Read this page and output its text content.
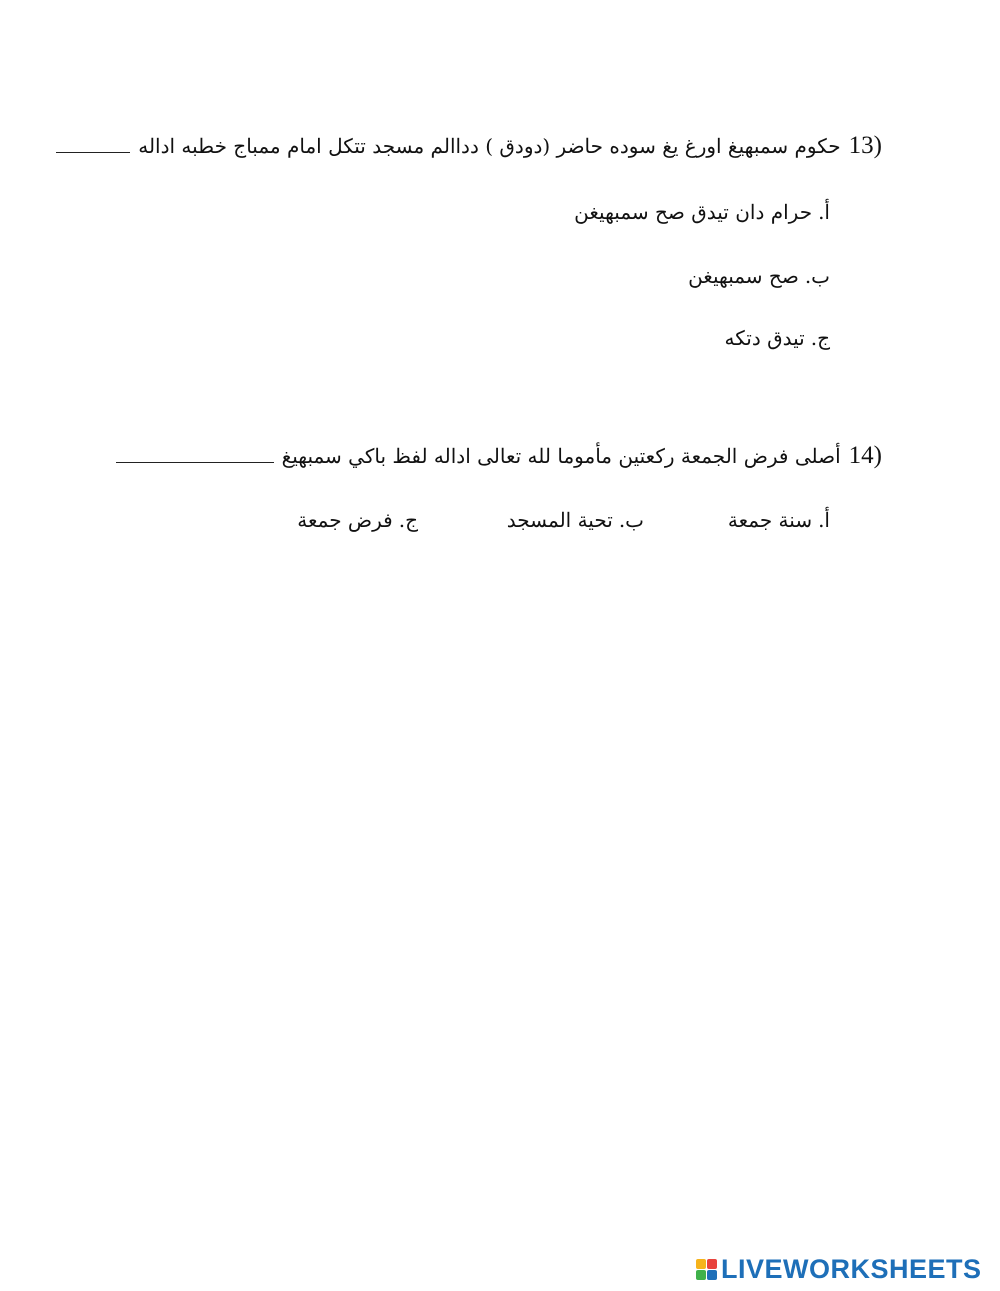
حكوم سمبهيغ اورغ يغ سوده حاضر (دودق ) دداالم مسجد تتكل امام ممباج خطبه اداله 13)
أ.حرام دان تيدق صح سمبهيغن
ب.صح سمبهيغن
ج.تيدق دتكه
أصلى فرض الجمعة ركعتين مأموما لله تعالى اداله لفظ باكي سمبهيغ 14)
أ.سنة جمعة
ب.تحية المسجد
ج.فرض جمعة
LIVEWORKSHEETS
